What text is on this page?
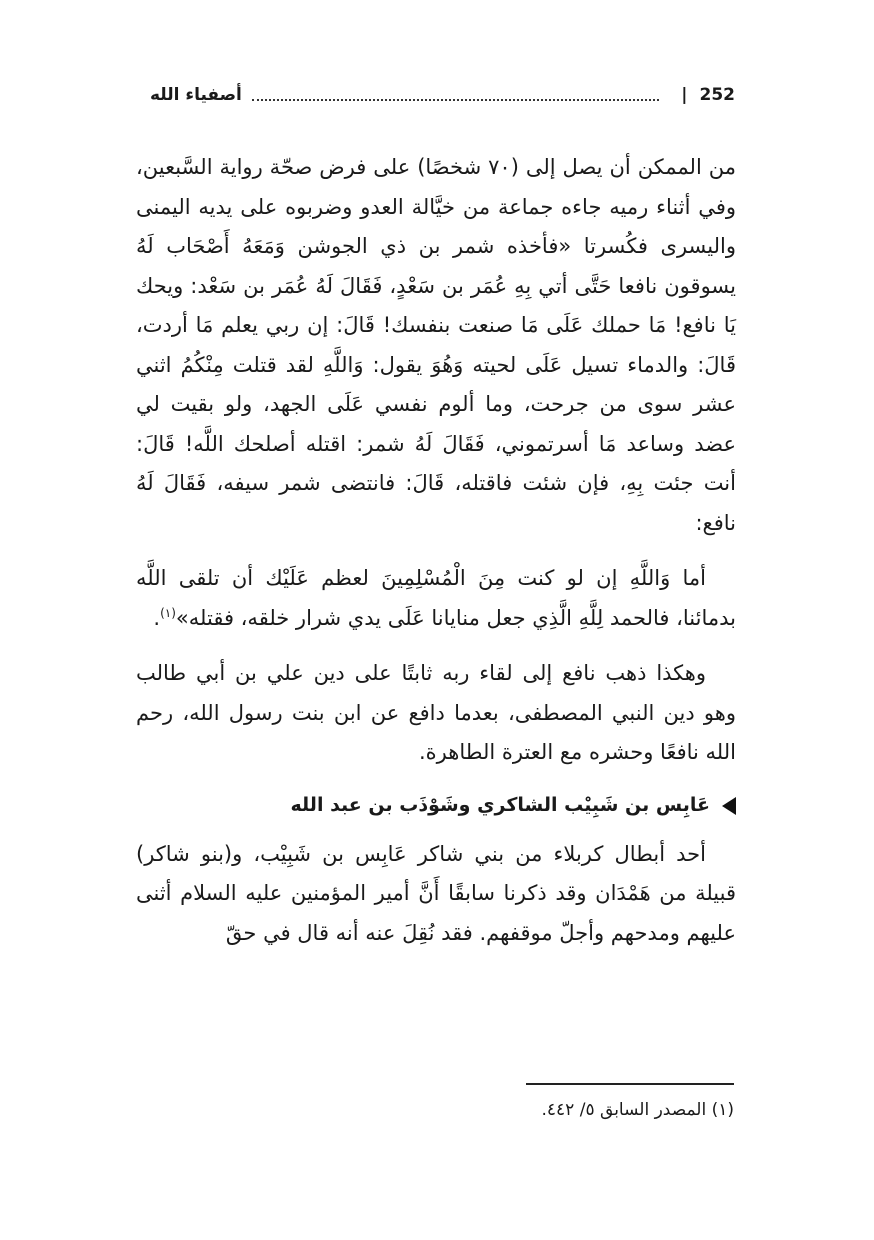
252
|
أصفياء الله

من الممكن أن يصل إلى (٧٠ شخصًا) على فرض صحّة رواية السَّبعين، وفي أثناء رميه جاءه جماعة من خيَّالة العدو وضربوه على يديه اليمنى واليسرى فكُسرتا «فأخذه شمر بن ذي الجوشن وَمَعَهُ أَصْحَاب لَهُ يسوقون نافعا حَتَّى أتي بِهِ عُمَر بن سَعْدٍ، فَقَالَ لَهُ عُمَر بن سَعْد: ويحك يَا نافع! مَا حملك عَلَى مَا صنعت بنفسك! قَالَ: إن ربي يعلم مَا أردت، قَالَ: والدماء تسيل عَلَى لحيته وَهُوَ يقول: وَاللَّهِ لقد قتلت مِنْكُمُ اثني عشر سوى من جرحت، وما ألوم نفسي عَلَى الجهد، ولو بقيت لي عضد وساعد مَا أسرتموني، فَقَالَ لَهُ شمر: اقتله أصلحك اللَّه! قَالَ: أنت جئت بِهِ، فإن شئت فاقتله، قَالَ: فانتضى شمر سيفه، فَقَالَ لَهُ نافع:

أما وَاللَّهِ إن لو كنت مِنَ الْمُسْلِمِينَ لعظم عَلَيْك أن تلقى اللَّه بدمائنا، فالحمد لِلَّهِ الَّذِي جعل منايانا عَلَى يدي شرار خلقه، فقتله»$^{(١)}$.

وهكذا ذهب نافع إلى لقاء ربه ثابتًا على دين علي بن أبي طالب وهو دين النبي المصطفى، بعدما دافع عن ابن بنت رسول الله، رحم الله نافعًا وحشره مع العترة الطاهرة.

عَابِس بن شَبِيْب الشاكري وشَوْذَب بن عبد الله

أحد أبطال كربلاء من بني شاكر عَابِس بن شَبِيْب، و(بنو شاكر) قبيلة من هَمْدَان وقد ذكرنا سابقًا أَنَّ أمير المؤمنين عليه السلام أثنى عليهم ومدحهم وأجلّ موقفهم. فقد نُقِلَ عنه أنه قال في حقّ

(١) المصدر السابق ٥/ ٤٤٢.
